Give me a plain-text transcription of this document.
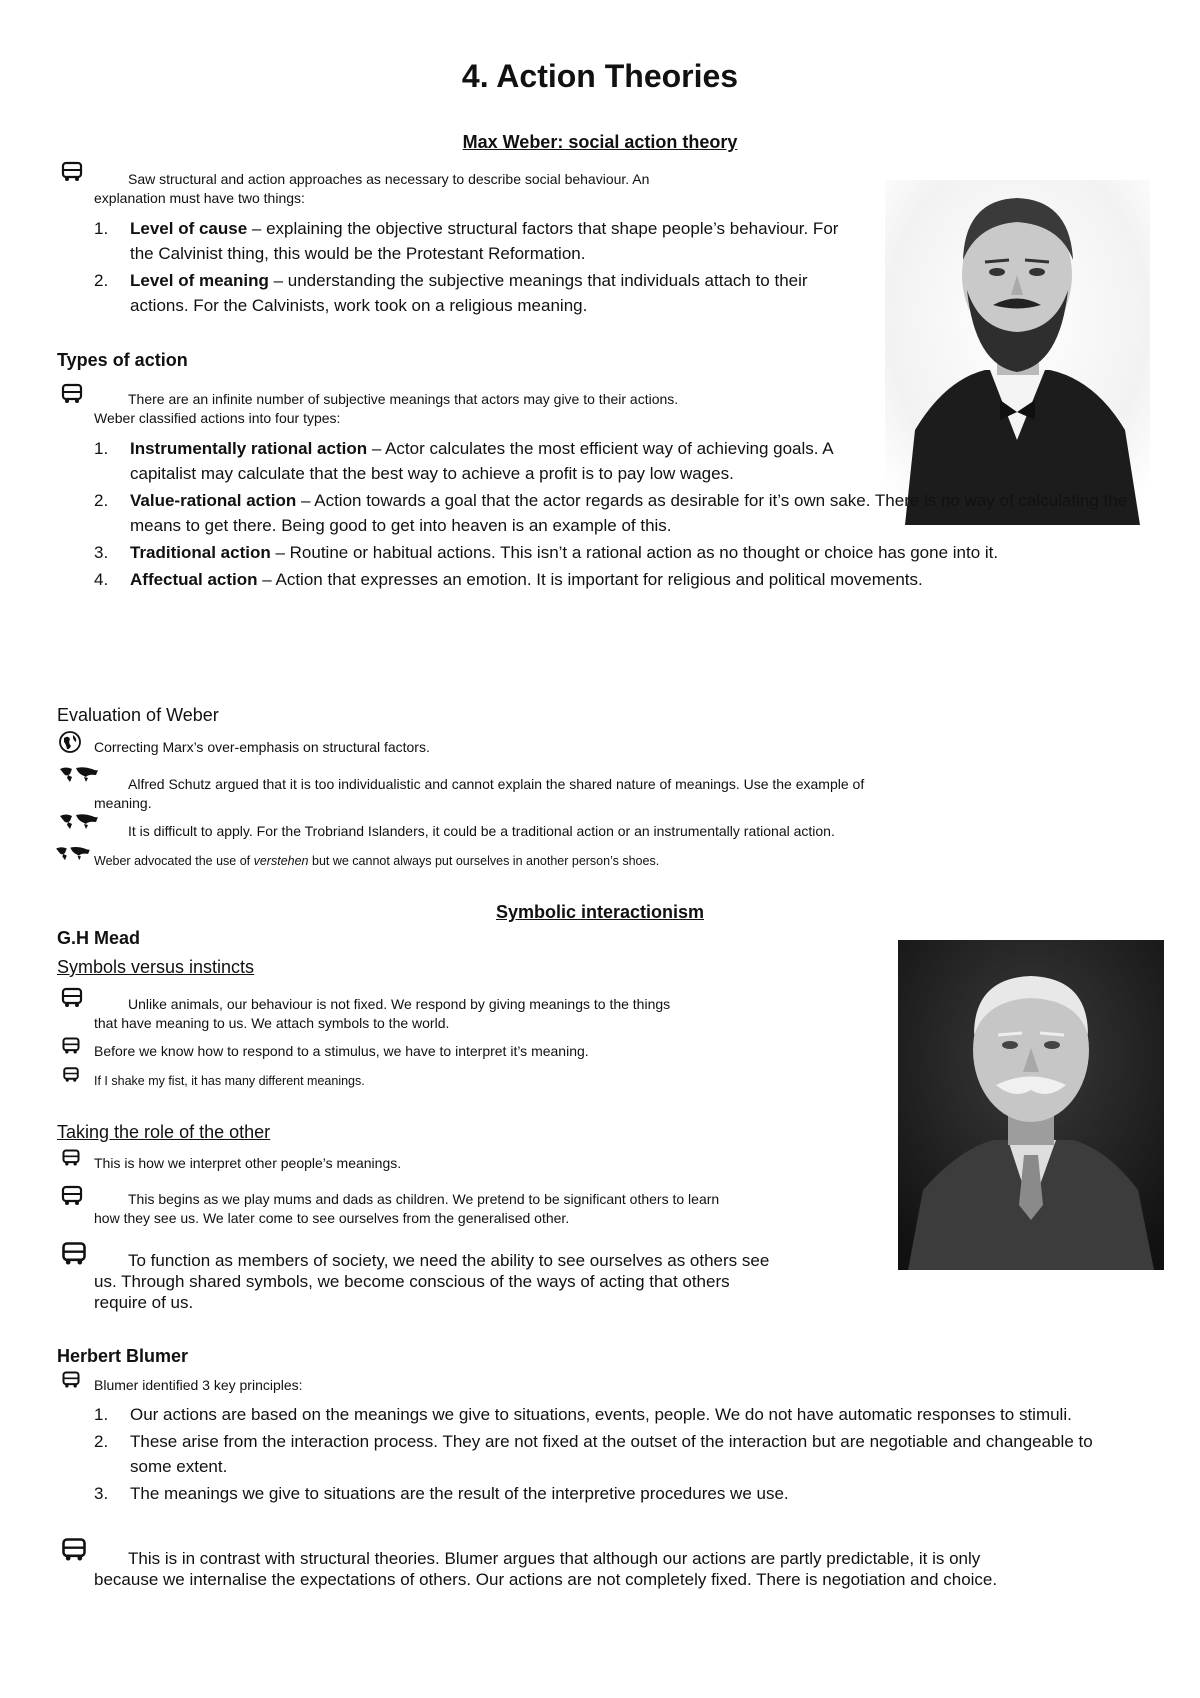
4. Action Theories
Max Weber: social action theory
Saw structural and action approaches as necessary to describe social behaviour. An
explanation must have two things:
1. Level of cause – explaining the objective structural factors that shape people’s behaviour. For the Calvinist thing, this would be the Protestant Reformation.
2. Level of meaning – understanding the subjective meanings that individuals attach to their actions. For the Calvinists, work took on a religious meaning.
Types of action
There are an infinite number of subjective meanings that actors may give to their actions.
Weber classified actions into four types:
1. Instrumentally rational action – Actor calculates the most efficient way of achieving goals. A capitalist may calculate that the best way to achieve a profit is to pay low wages.
2. Value-rational action – Action towards a goal that the actor regards as desirable for it’s own sake. There is no way of calculating the means to get there. Being good to get into heaven is an example of this.
3. Traditional action – Routine or habitual actions. This isn’t a rational action as no thought or choice has gone into it.
4. Affectual action – Action that expresses an emotion. It is important for religious and political movements.
Evaluation of Weber
Correcting Marx’s over-emphasis on structural factors.
Alfred Schutz argued that it is too individualistic and cannot explain the shared nature of meanings. Use the example of
meaning.
It is difficult to apply. For the Trobriand Islanders, it could be a traditional action or an instrumentally rational action.
Weber advocated the use of verstehen but we cannot always put ourselves in another person’s shoes.
Symbolic interactionism
G.H Mead
Symbols versus instincts
Unlike animals, our behaviour is not fixed. We respond by giving meanings to the things
that have meaning to us. We attach symbols to the world.
Before we know how to respond to a stimulus, we have to interpret it’s meaning.
If I shake my fist, it has many different meanings.
Taking the role of the other
This is how we interpret other people’s meanings.
This begins as we play mums and dads as children. We pretend to be significant others to learn
how they see us. We later come to see ourselves from the generalised other.
To function as members of society, we need the ability to see ourselves as others see
us. Through shared symbols, we become conscious of the ways of acting that others
require of us.
Herbert Blumer
Blumer identified 3 key principles:
1. Our actions are based on the meanings we give to situations, events, people. We do not have automatic responses to stimuli.
2. These arise from the interaction process. They are not fixed at the outset of the interaction but are negotiable and changeable to some extent.
3. The meanings we give to situations are the result of the interpretive procedures we use.
This is in contrast with structural theories. Blumer argues that although our actions are partly predictable, it is only
because we internalise the expectations of others. Our actions are not completely fixed. There is negotiation and choice.
